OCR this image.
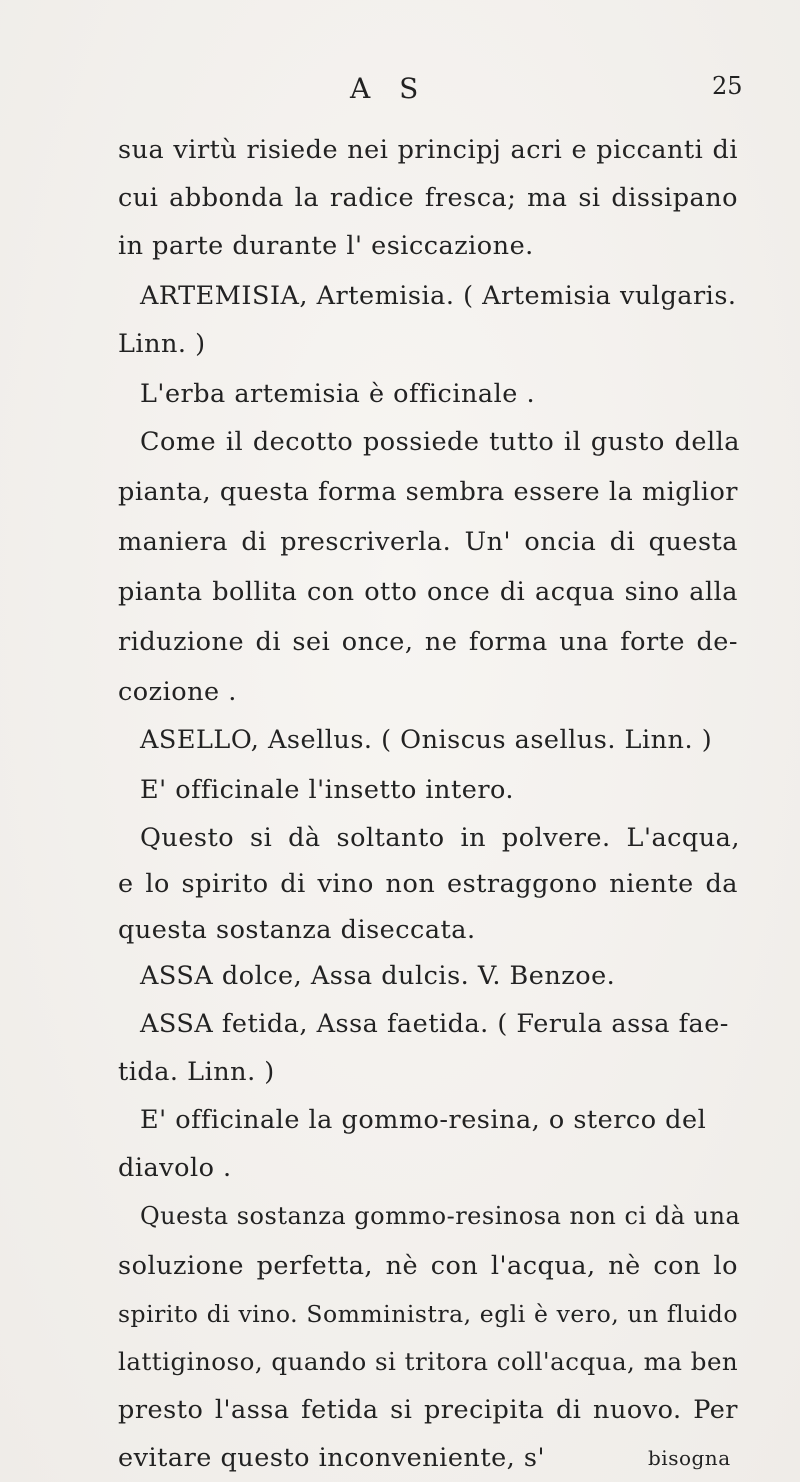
A S	25
sua virtù risiede nei principj acri e piccanti di
cui abbonda la radice fresca; ma si dissipano
in parte durante l' esiccazione.
ARTEMISIA, Artemisia. ( Artemisia vulgaris.
Linn. )
L'erba artemisia è officinale .
Come il decotto possiede tutto il gusto della
pianta, questa forma sembra essere la miglior
maniera di prescriverla. Un' oncia di questa
pianta bollita con otto once di acqua sino alla
riduzione di sei once, ne forma una forte de-
cozione .
ASELLO, Asellus. ( Oniscus asellus. Linn. )
E' officinale l'insetto intero.
Questo si dà soltanto in polvere. L'acqua,
e lo spirito di vino non estraggono niente da
questa sostanza diseccata.
ASSA dolce, Assa dulcis. V. Benzoe.
ASSA fetida, Assa faetida. ( Ferula assa fae-
tida. Linn. )
E' officinale la gommo-resina, o sterco del
diavolo .
Questa sostanza gommo-resinosa non ci dà una
soluzione perfetta, nè con l'acqua, nè con lo
spirito di vino. Somministra, egli è vero, un fluido
lattiginoso, quando si tritora coll'acqua, ma ben
presto l'assa fetida si precipita di nuovo. Per
evitare questo inconveniente, s'	bisogna
